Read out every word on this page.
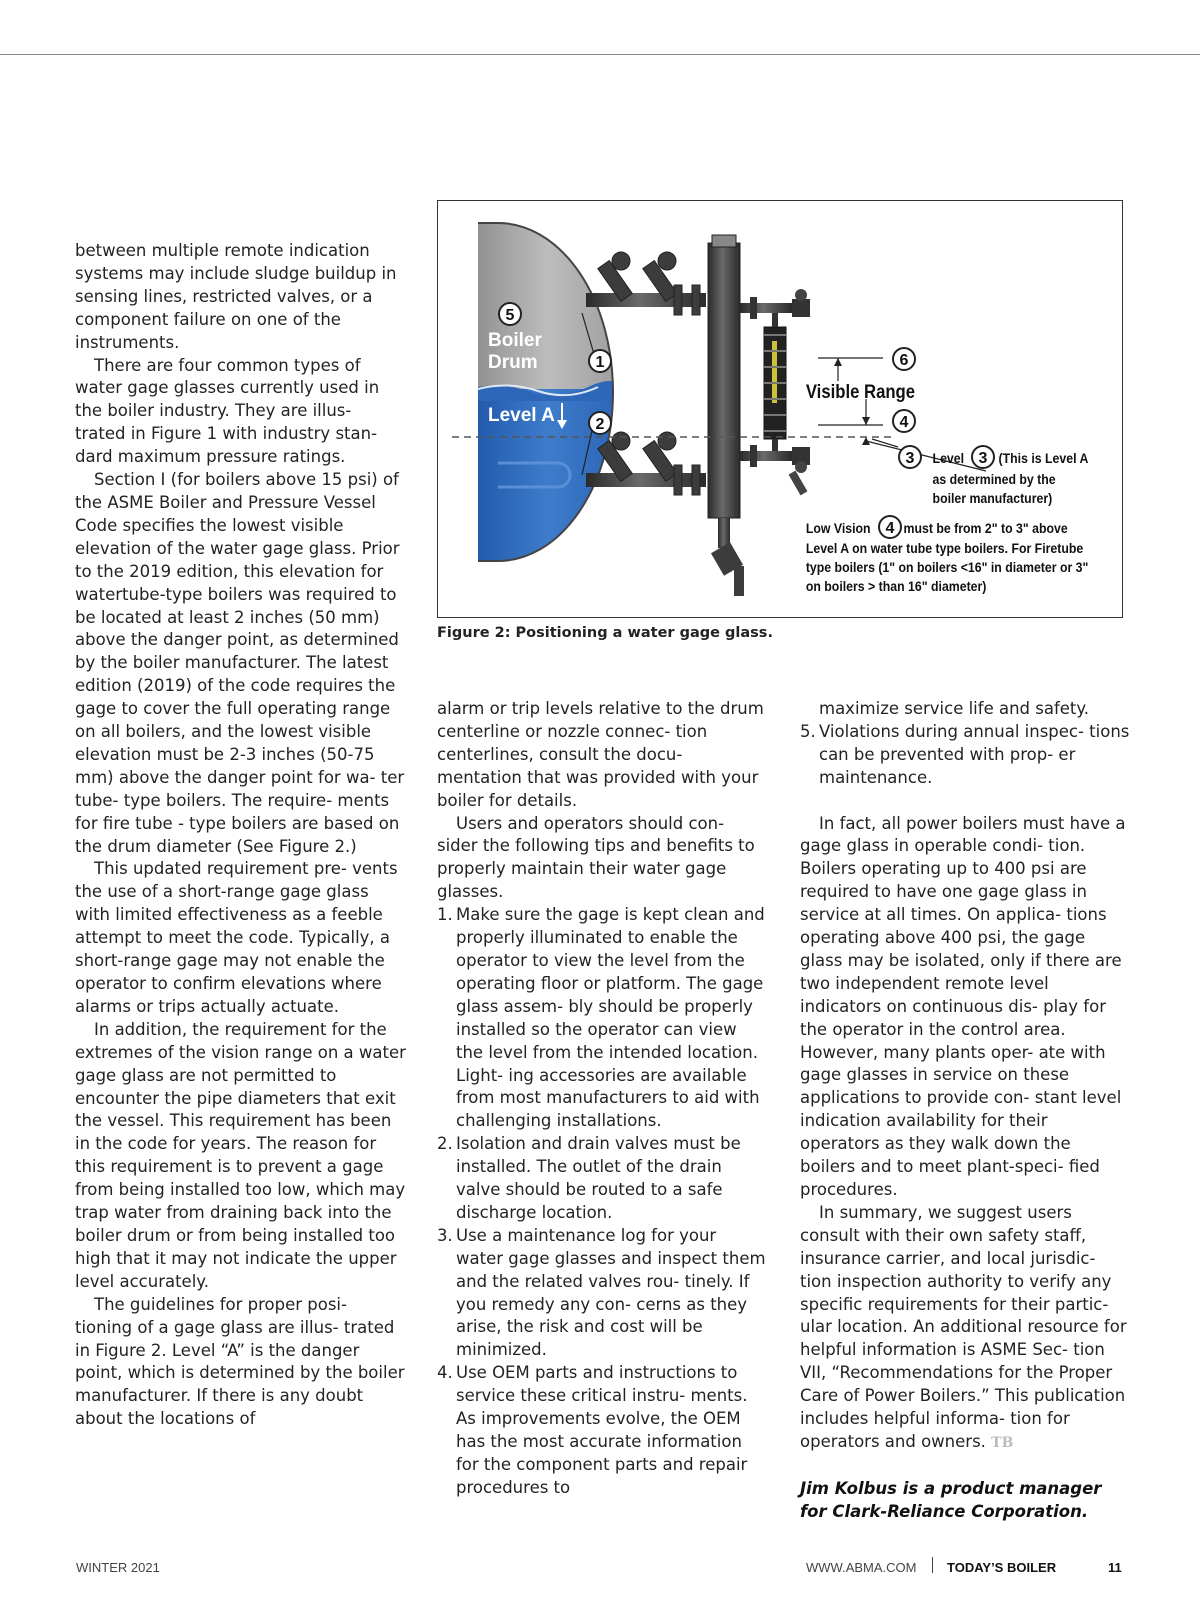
between multiple remote indication systems may include sludge buildup in sensing lines, restricted valves, or a component failure on one of the instruments.

There are four common types of water gage glasses currently used in the boiler industry. They are illus- trated in Figure 1 with industry stan- dard maximum pressure ratings.

Section I (for boilers above 15 psi) of the ASME Boiler and Pressure Vessel Code specifies the lowest visible elevation of the water gage glass. Prior to the 2019 edition, this elevation for watertube-type boilers was required to be located at least 2 inches (50 mm) above the danger point, as determined by the boiler manufacturer. The latest edition (2019) of the code requires the gage to cover the full operating range on all boilers, and the lowest visible elevation must be 2-3 inches (50-75 mm) above the danger point for wa- ter tube- type boilers. The require- ments for fire tube - type boilers are based on the drum diameter (See Figure 2.)

This updated requirement pre- vents the use of a short-range gage glass with limited effectiveness as a feeble attempt to meet the code. Typically, a short-range gage may not enable the operator to confirm elevations where alarms or trips actually actuate.

In addition, the requirement for the extremes of the vision range on a water gage glass are not permitted to encounter the pipe diameters that exit the vessel. This requirement has been in the code for years. The reason for this requirement is to prevent a gage from being installed too low, which may trap water from draining back into the boiler drum or from being installed too high that it may not indicate the upper level accurately.

The guidelines for proper posi- tioning of a gage glass are illus- trated in Figure 2. Level “A” is the danger point, which is determined by the boiler manufacturer. If there is any doubt about the locations of

5
1
2
3	3
6
4
4
Boiler
Drum
Level A
Visible Range
Level (This is Level A
as determined by the
boiler manufacturer)
Low Vision must be from 2" to 3" above
Level A on water tube type boilers. For Firetube
type boilers (1" on boilers <16" in diameter or 3"
on boilers > than 16" diameter)
Figure 2: Positioning a water gage glass.

alarm or trip levels relative to the drum centerline or nozzle connec- tion centerlines, consult the docu- mentation that was provided with your boiler for details.

Users and operators should con- sider the following tips and benefits to properly maintain their water gage glasses.

1. Make sure the gage is kept clean and properly illuminated to enable the operator to view the level from the operating floor or platform. The gage glass assem- bly should be properly installed so the operator can view the level from the intended location. Light- ing accessories are available from most manufacturers to aid with challenging installations.
2. Isolation and drain valves must be installed. The outlet of the drain valve should be routed to a safe discharge location.
3. Use a maintenance log for your water gage glasses and inspect them and the related valves rou- tinely. If you remedy any con- cerns as they arise, the risk and cost will be minimized.
4. Use OEM parts and instructions to service these critical instru- ments. As improvements evolve, the OEM has the most accurate information for the component parts and repair procedures to

maximize service life and safety.

5. Violations during annual inspec- tions can be prevented with prop- er maintenance.

In fact, all power boilers must have a gage glass in operable condi- tion. Boilers operating up to 400 psi are required to have one gage glass in service at all times. On applica- tions operating above 400 psi, the gage glass may be isolated, only if there are two independent remote level indicators on continuous dis- play for the operator in the control area. However, many plants oper- ate with gage glasses in service on these applications to provide con- stant level indication availability for their operators as they walk down the boilers and to meet plant-speci- fied procedures.

In summary, we suggest users consult with their own safety staff, insurance carrier, and local jurisdic- tion inspection authority to verify any specific requirements for their partic- ular location. An additional resource for helpful information is ASME Sec- tion VII, “Recommendations for the Proper Care of Power Boilers.” This publication includes helpful informa- tion for operators and owners. TB

Jim Kolbus is a product manager for Clark-Reliance Corporation.

WINTER 2021	WWW.ABMA.COM TODAY’S BOILER	11
